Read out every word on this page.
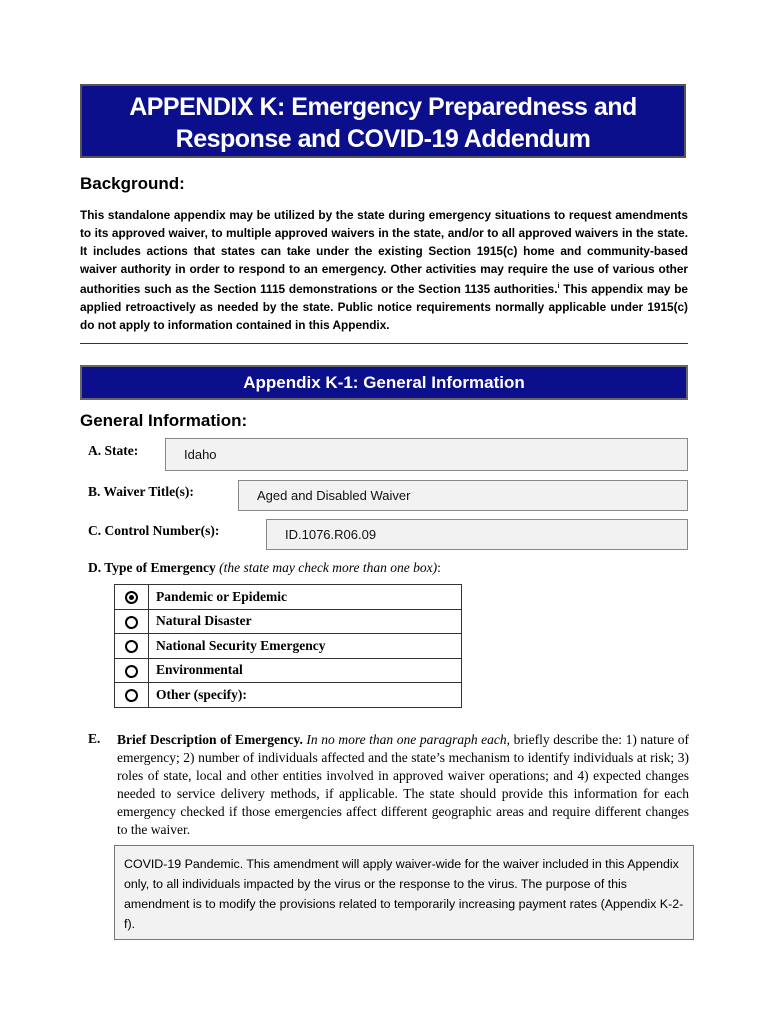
APPENDIX K: Emergency Preparedness and
Response and COVID-19 Addendum
Background:
This standalone appendix may be utilized by the state during emergency situations to request amendments to its approved waiver, to multiple approved waivers in the state, and/or to all approved waivers in the state. It includes actions that states can take under the existing Section 1915(c) home and community-based waiver authority in order to respond to an emergency. Other activities may require the use of various other authorities such as the Section 1115 demonstrations or the Section 1135 authorities.$^i$ This appendix may be applied retroactively as needed by the state. Public notice requirements normally applicable under 1915(c) do not apply to information contained in this Appendix.
Appendix K-1: General Information
General Information:
A. State:	Idaho
B. Waiver Title(s):	Aged and Disabled Waiver
C. Control Number(s):	ID.1076.R06.09
D. Type of Emergency (the state may check more than one box):
	Pandemic or Epidemic
	Natural Disaster
	National Security Emergency
	Environmental
	Other (specify):
E. Brief Description of Emergency. In no more than one paragraph each, briefly describe the: 1) nature of emergency; 2) number of individuals affected and the state’s mechanism to identify individuals at risk; 3) roles of state, local and other entities involved in approved waiver operations; and 4) expected changes needed to service delivery methods, if applicable. The state should provide this information for each emergency checked if those emergencies affect different geographic areas and require different changes to the waiver.
COVID-19 Pandemic. This amendment will apply waiver-wide for the waiver included in this Appendix only, to all individuals impacted by the virus or the response to the virus. The purpose of this amendment is to modify the provisions related to temporarily increasing payment rates (Appendix K-2-f).
